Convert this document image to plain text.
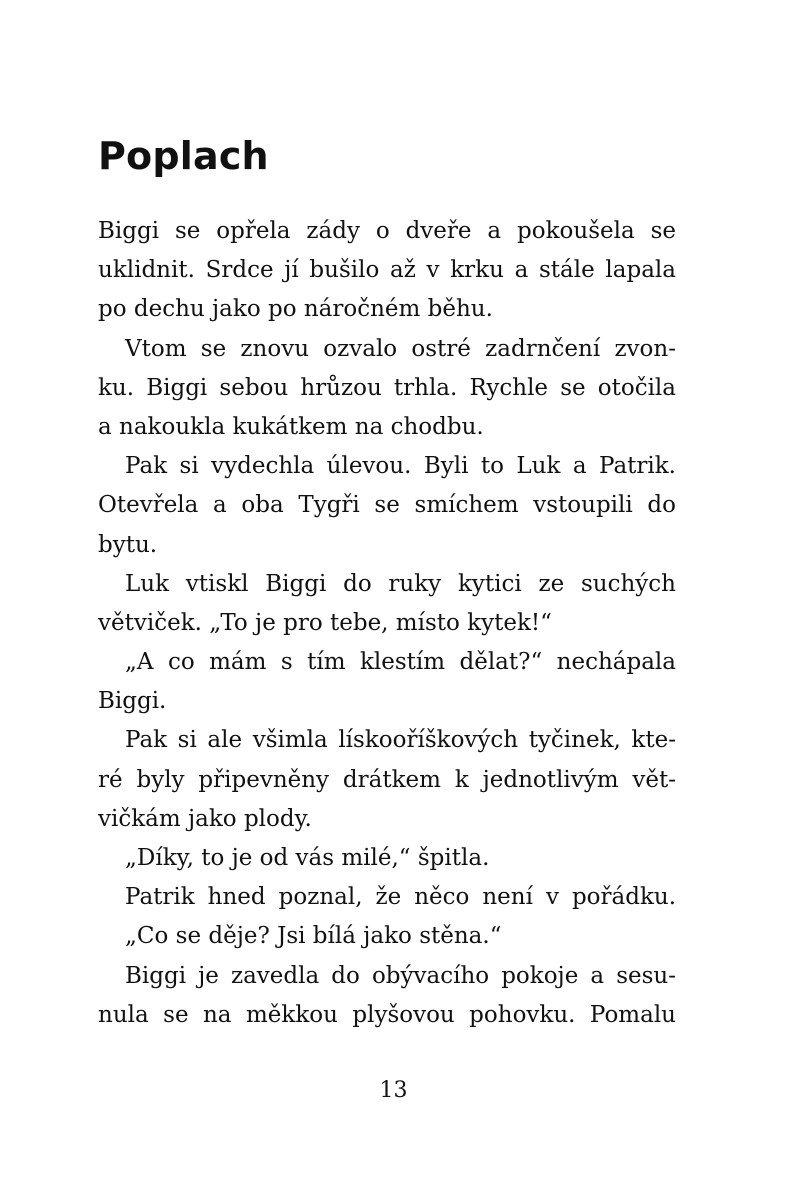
Poplach
Biggi se opřela zády o dveře a pokoušela se
uklidnit. Srdce jí bušilo až v krku a stále lapala
po dechu jako po náročném běhu.
Vtom se znovu ozvalo ostré zadrnčení zvon-
ku. Biggi sebou hrůzou trhla. Rychle se otočila
a nakoukla kukátkem na chodbu.
Pak si vydechla úlevou. Byli to Luk a Patrik.
Otevřela a oba Tygři se smíchem vstoupili do
bytu.
Luk vtiskl Biggi do ruky kytici ze suchých
větviček. „To je pro tebe, místo kytek!“
„A co mám s tím klestím dělat?“ nechápala
Biggi.
Pak si ale všimla lískooříškových tyčinek, kte-
ré byly připevněny drátkem k jednotlivým vět-
vičkám jako plody.
„Díky, to je od vás milé,“ špitla.
Patrik hned poznal, že něco není v pořádku.
„Co se děje? Jsi bílá jako stěna.“
Biggi je zavedla do obývacího pokoje a sesu-
nula se na měkkou plyšovou pohovku. Pomalu
13
